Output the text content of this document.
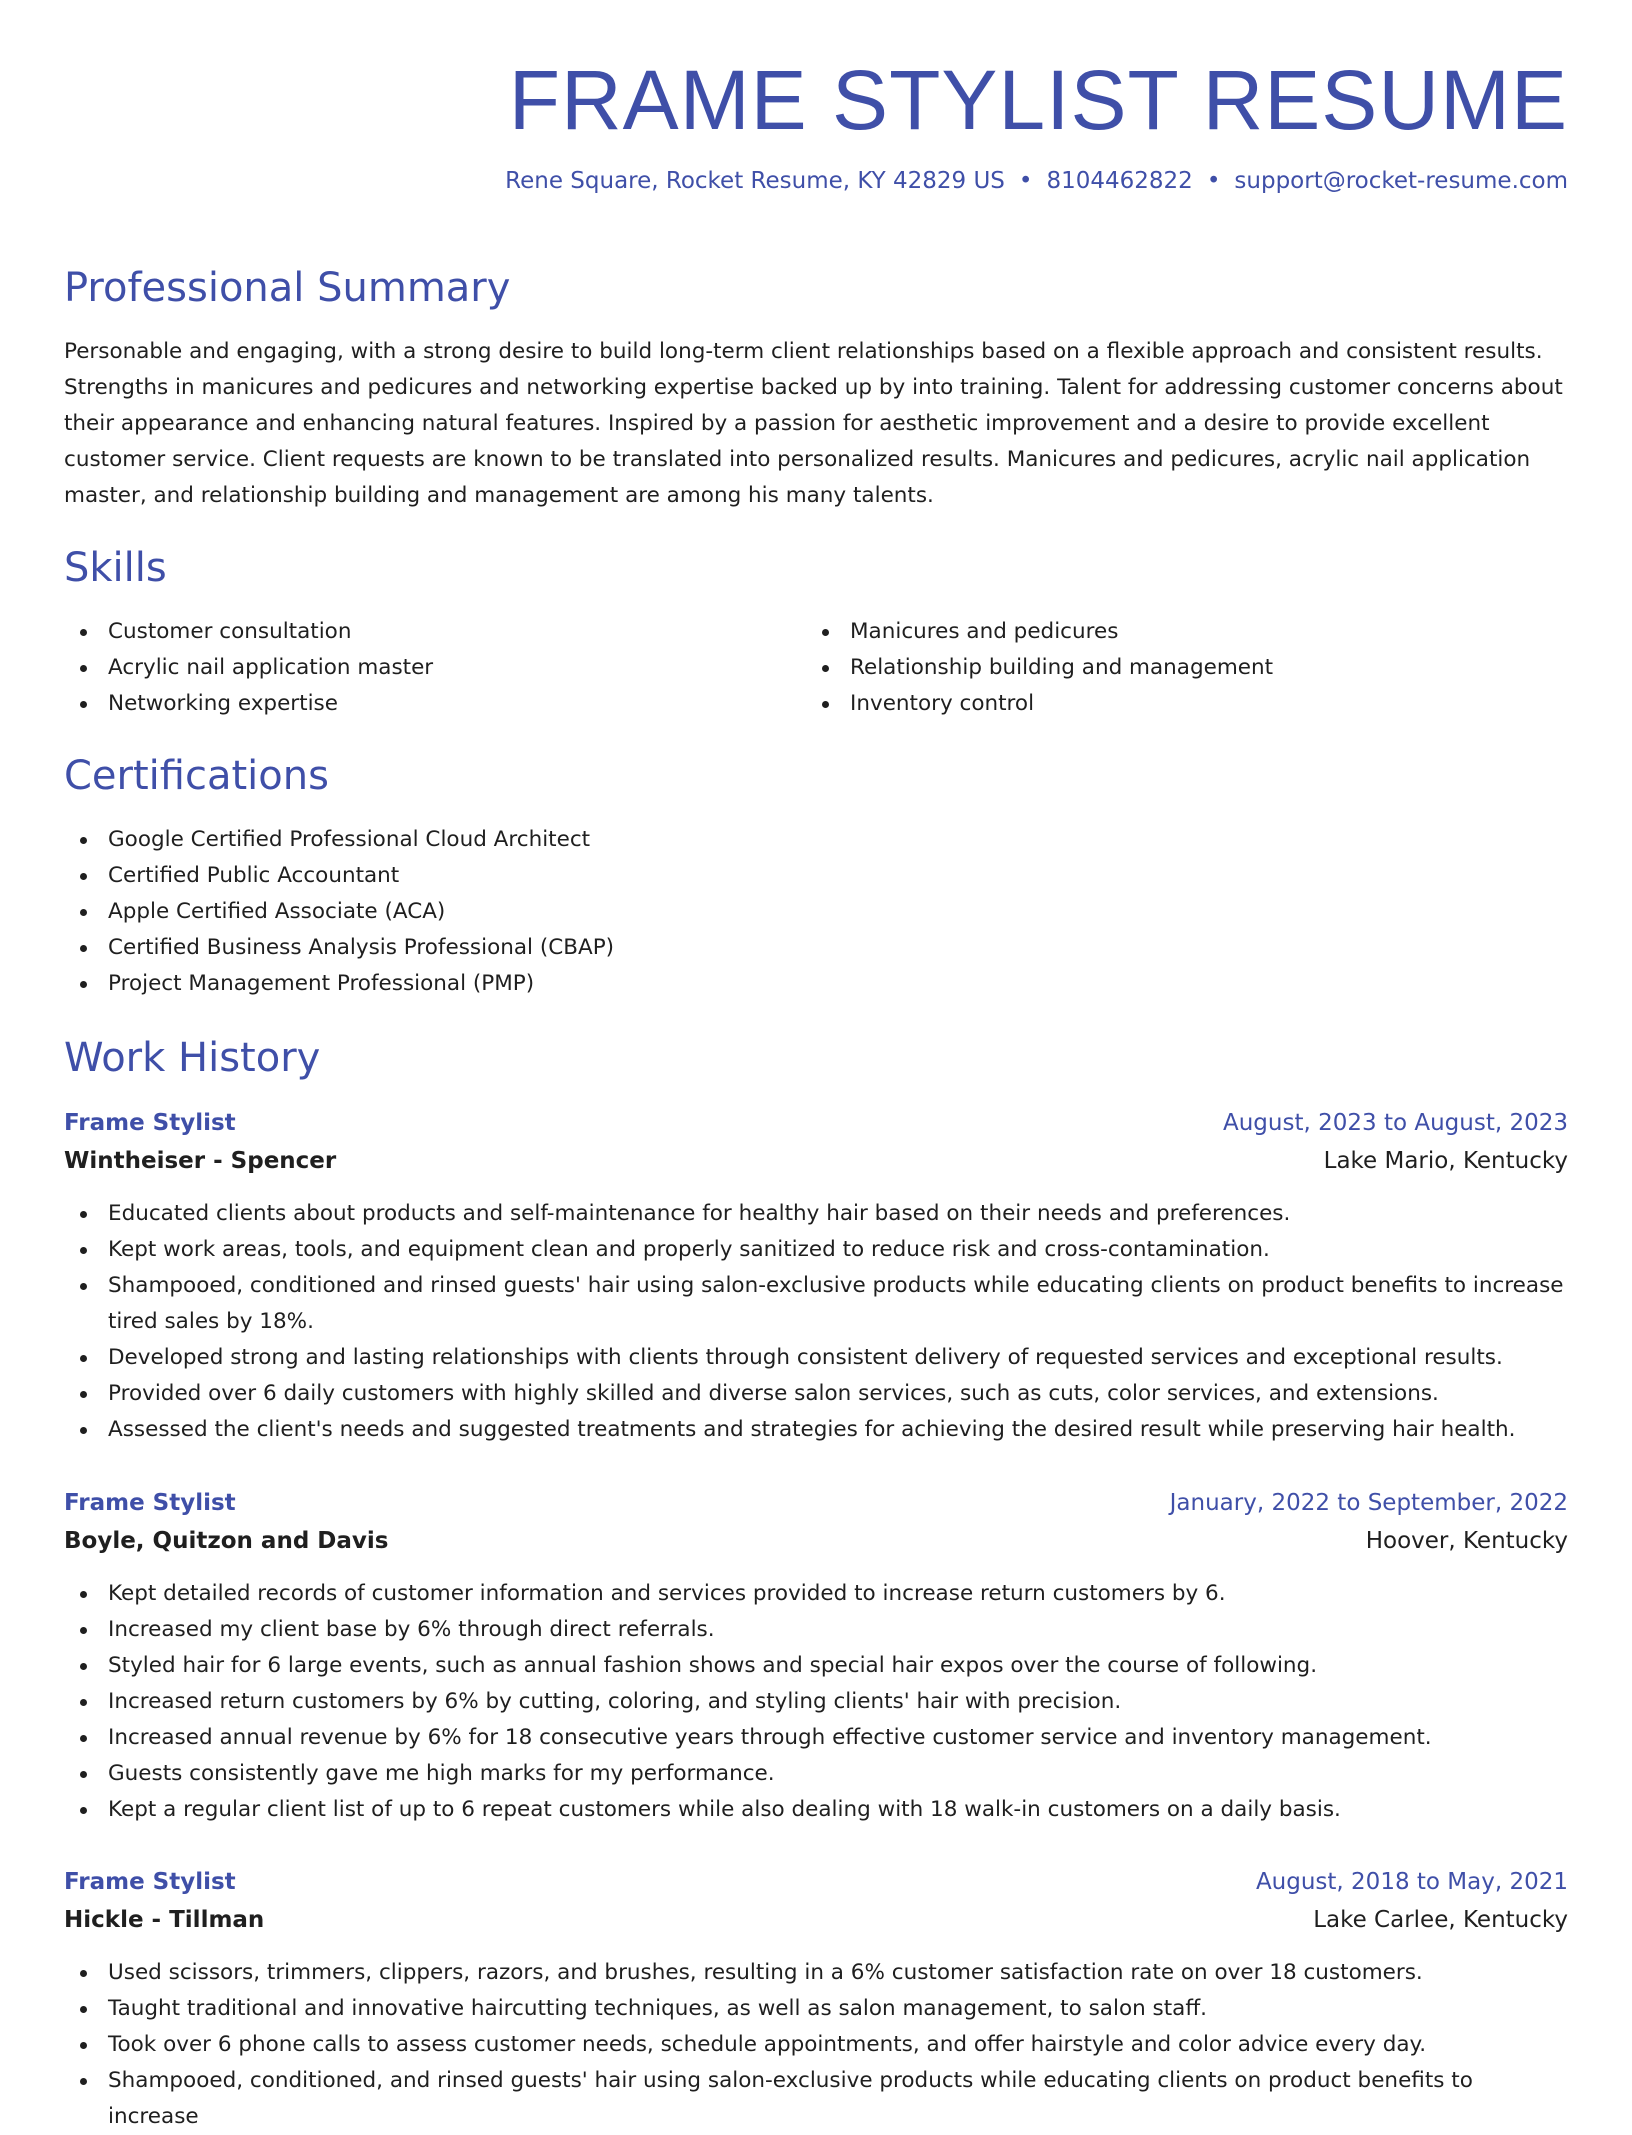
FRAME STYLIST RESUME

Rene Square, Rocket Resume, KY 42829 US • 8104462822 • support@rocket-resume.com

Professional Summary

Personable and engaging, with a strong desire to build long-term client relationships based on a flexible approach and consistent results. Strengths in manicures and pedicures and networking expertise backed up by into training. Talent for addressing customer concerns about their appearance and enhancing natural features. Inspired by a passion for aesthetic improvement and a desire to provide excellent customer service. Client requests are known to be translated into personalized results. Manicures and pedicures, acrylic nail application master, and relationship building and management are among his many talents.

Skills
Customer consultation
Acrylic nail application master
Networking expertise
Manicures and pedicures
Relationship building and management
Inventory control
Certifications
Google Certified Professional Cloud Architect
Certified Public Accountant
Apple Certified Associate (ACA)
Certified Business Analysis Professional (CBAP)
Project Management Professional (PMP)
Work History
Frame Stylist	August, 2023 to August, 2023
Wintheiser - Spencer	Lake Mario, Kentucky
Educated clients about products and self-maintenance for healthy hair based on their needs and preferences.
Kept work areas, tools, and equipment clean and properly sanitized to reduce risk and cross-contamination.
Shampooed, conditioned and rinsed guests' hair using salon-exclusive products while educating clients on product benefits to increase tired sales by 18%.
Developed strong and lasting relationships with clients through consistent delivery of requested services and exceptional results.
Provided over 6 daily customers with highly skilled and diverse salon services, such as cuts, color services, and extensions.
Assessed the client's needs and suggested treatments and strategies for achieving the desired result while preserving hair health.
Frame Stylist	January, 2022 to September, 2022
Boyle, Quitzon and Davis	Hoover, Kentucky
Kept detailed records of customer information and services provided to increase return customers by 6.
Increased my client base by 6% through direct referrals.
Styled hair for 6 large events, such as annual fashion shows and special hair expos over the course of following.
Increased return customers by 6% by cutting, coloring, and styling clients' hair with precision.
Increased annual revenue by 6% for 18 consecutive years through effective customer service and inventory management.
Guests consistently gave me high marks for my performance.
Kept a regular client list of up to 6 repeat customers while also dealing with 18 walk-in customers on a daily basis.
Frame Stylist	August, 2018 to May, 2021
Hickle - Tillman	Lake Carlee, Kentucky
Used scissors, trimmers, clippers, razors, and brushes, resulting in a 6% customer satisfaction rate on over 18 customers.
Taught traditional and innovative haircutting techniques, as well as salon management, to salon staff.
Took over 6 phone calls to assess customer needs, schedule appointments, and offer hairstyle and color advice every day.
Shampooed, conditioned, and rinsed guests' hair using salon-exclusive products while educating clients on product benefits to increase
